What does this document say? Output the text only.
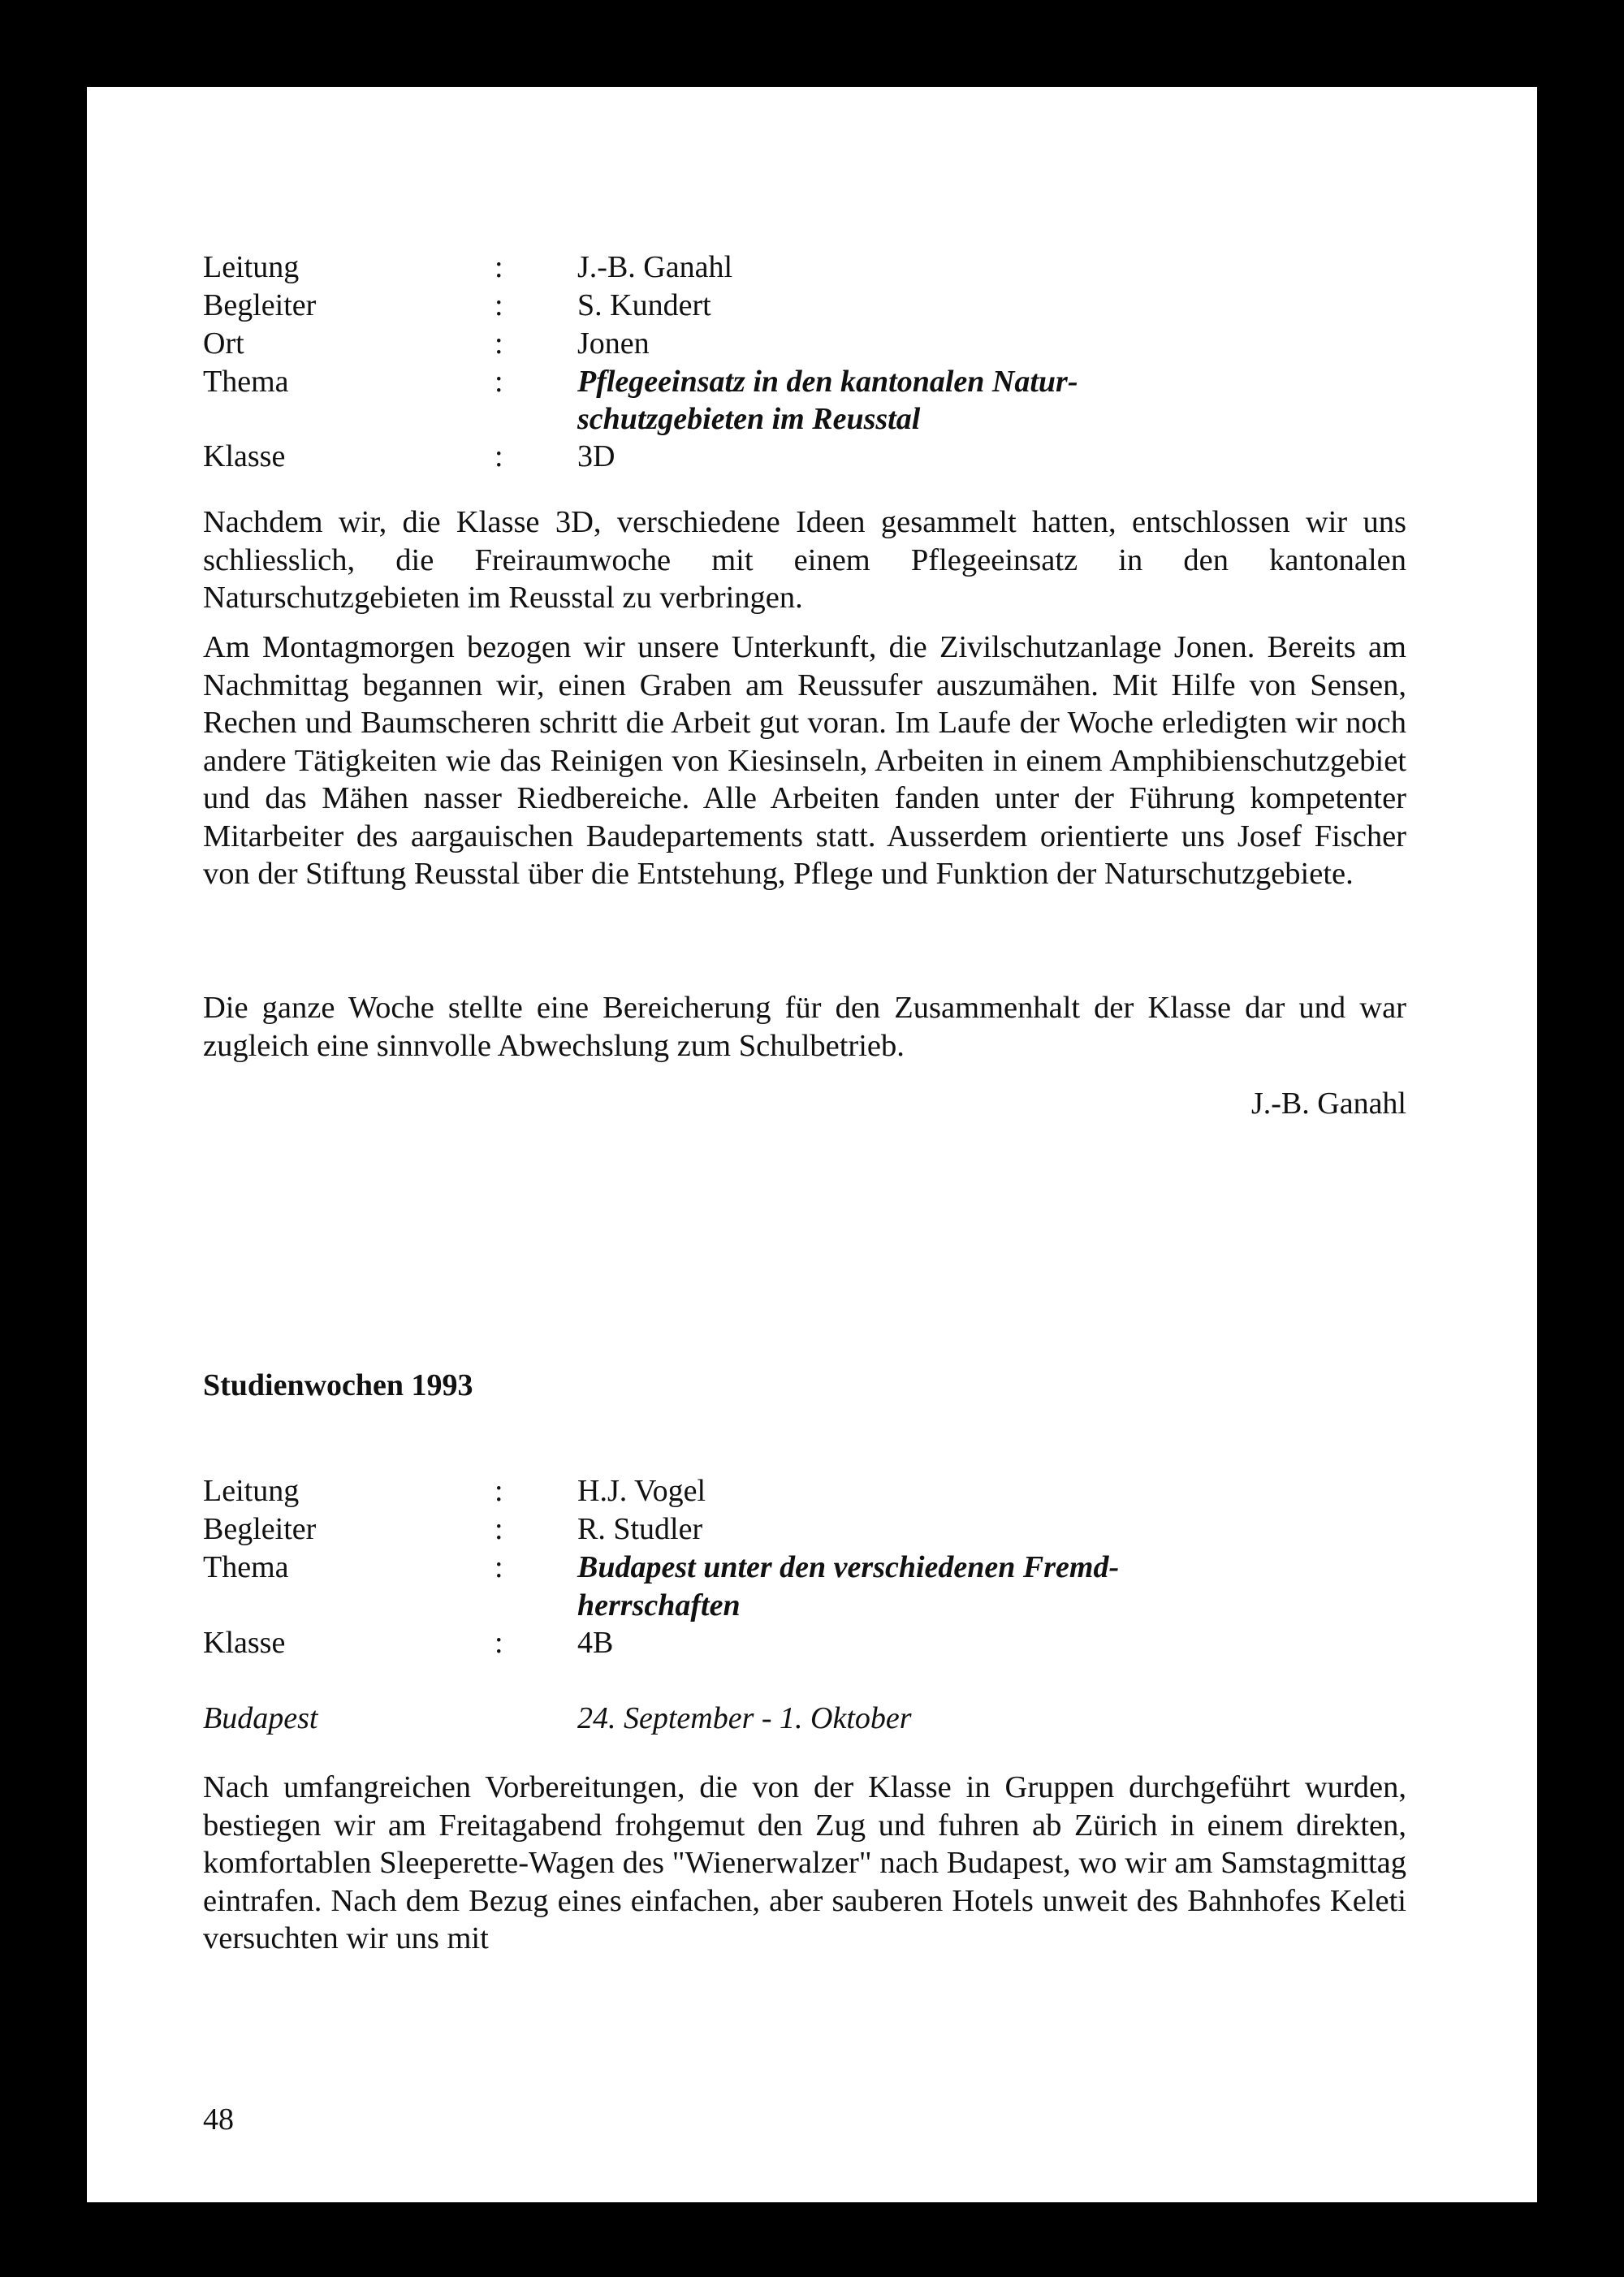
Leitung	: J.-B. Ganahl
Begleiter	: S. Kundert
Ort	: Jonen
Thema	: Pflegeeinsatz in den kantonalen Natur-
schutzgebieten im Reusstal
Klasse	: 3D

Nachdem wir, die Klasse 3D, verschiedene Ideen gesammelt hatten, entschlossen wir uns schliesslich, die Freiraumwoche mit einem Pflegeeinsatz in den kantonalen Naturschutzgebieten im Reusstal zu verbringen.

Am Montagmorgen bezogen wir unsere Unterkunft, die Zivilschutzanlage Jonen. Bereits am Nachmittag begannen wir, einen Graben am Reussufer auszumähen. Mit Hilfe von Sensen, Rechen und Baumscheren schritt die Arbeit gut voran. Im Laufe der Woche erledigten wir noch andere Tätigkeiten wie das Reinigen von Kiesinseln, Arbeiten in einem Amphibienschutzgebiet und das Mähen nasser Riedbereiche. Alle Arbeiten fanden unter der Führung kompetenter Mitarbeiter des aargauischen Baudepartements statt. Ausserdem orientierte uns Josef Fischer von der Stiftung Reusstal über die Entstehung, Pflege und Funktion der Naturschutzgebiete.

Die ganze Woche stellte eine Bereicherung für den Zusammenhalt der Klasse dar und war zugleich eine sinnvolle Abwechslung zum Schulbetrieb.

J.-B. Ganahl
Studienwochen 1993
Leitung	: H.J. Vogel
Begleiter	: R. Studler
Thema	: Budapest unter den verschiedenen Fremd-
herrschaften
Klasse	: 4B
Budapest	24. September - 1. Oktober

Nach umfangreichen Vorbereitungen, die von der Klasse in Gruppen durchgeführt wurden, bestiegen wir am Freitagabend frohgemut den Zug und fuhren ab Zürich in einem direkten, komfortablen Sleeperette-Wagen des "Wienerwalzer" nach Budapest, wo wir am Samstagmittag eintrafen. Nach dem Bezug eines einfachen, aber sauberen Hotels unweit des Bahnhofes Keleti versuchten wir uns mit

48
